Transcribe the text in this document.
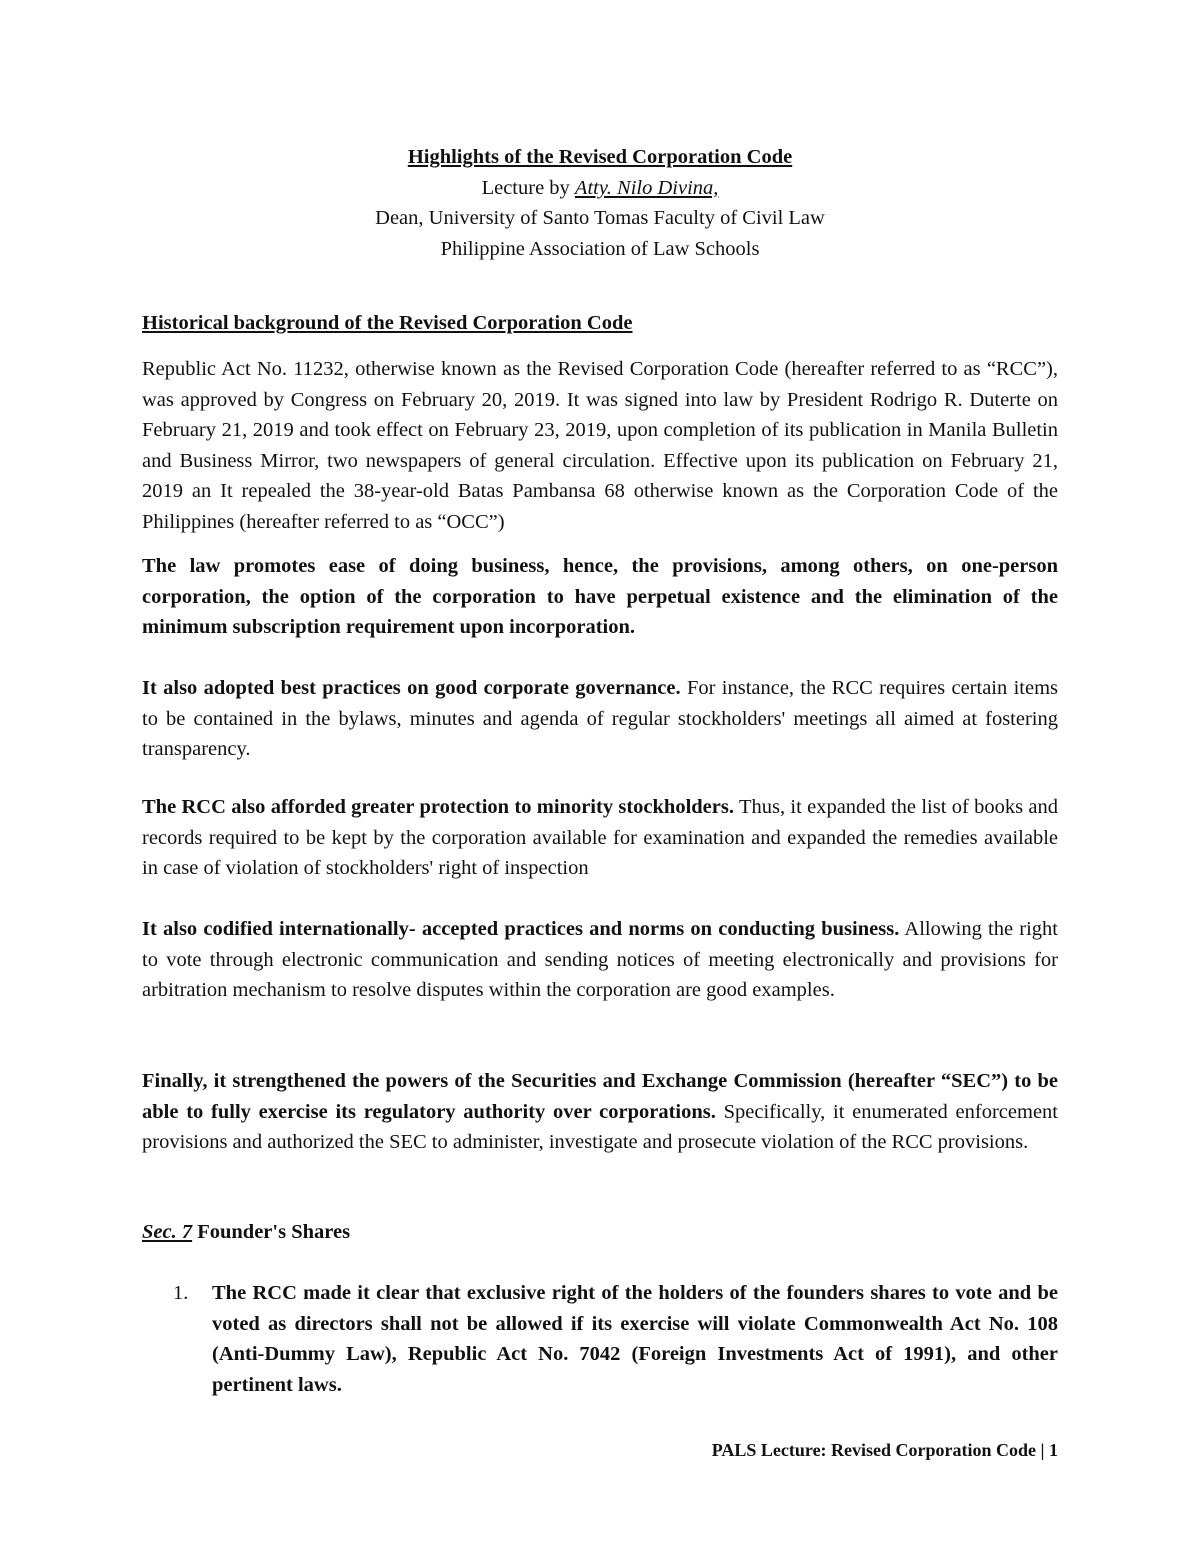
Highlights of the Revised Corporation Code
Lecture by Atty. Nilo Divina,
Dean, University of Santo Tomas Faculty of Civil Law
Philippine Association of Law Schools
Historical background of the Revised Corporation Code

Republic Act No. 11232, otherwise known as the Revised Corporation Code (hereafter referred to as “RCC”), was approved by Congress on February 20, 2019. It was signed into law by President Rodrigo R. Duterte on February 21, 2019 and took effect on February 23, 2019, upon completion of its publication in Manila Bulletin and Business Mirror, two newspapers of general circulation. Effective upon its publication on February 21, 2019 an It repealed the 38-year-old Batas Pambansa 68 otherwise known as the Corporation Code of the Philippines (hereafter referred to as “OCC”)

The law promotes ease of doing business, hence, the provisions, among others, on one-person corporation, the option of the corporation to have perpetual existence and the elimination of the minimum subscription requirement upon incorporation.

It also adopted best practices on good corporate governance. For instance, the RCC requires certain items to be contained in the bylaws, minutes and agenda of regular stockholders' meetings all aimed at fostering transparency.

The RCC also afforded greater protection to minority stockholders. Thus, it expanded the list of books and records required to be kept by the corporation available for examination and expanded the remedies available in case of violation of stockholders' right of inspection

It also codified internationally- accepted practices and norms on conducting business. Allowing the right to vote through electronic communication and sending notices of meeting electronically and provisions for arbitration mechanism to resolve disputes within the corporation are good examples.

Finally, it strengthened the powers of the Securities and Exchange Commission (hereafter “SEC”) to be able to fully exercise its regulatory authority over corporations. Specifically, it enumerated enforcement provisions and authorized the SEC to administer, investigate and prosecute violation of the RCC provisions.

Sec. 7 Founder's Shares
1.	The RCC made it clear that exclusive right of the holders of the founders shares to vote and be voted as directors shall not be allowed if its exercise will violate Commonwealth Act No. 108 (Anti-Dummy Law), Republic Act No. 7042 (Foreign Investments Act of 1991), and other pertinent laws.

PALS Lecture: Revised Corporation Code | 1
